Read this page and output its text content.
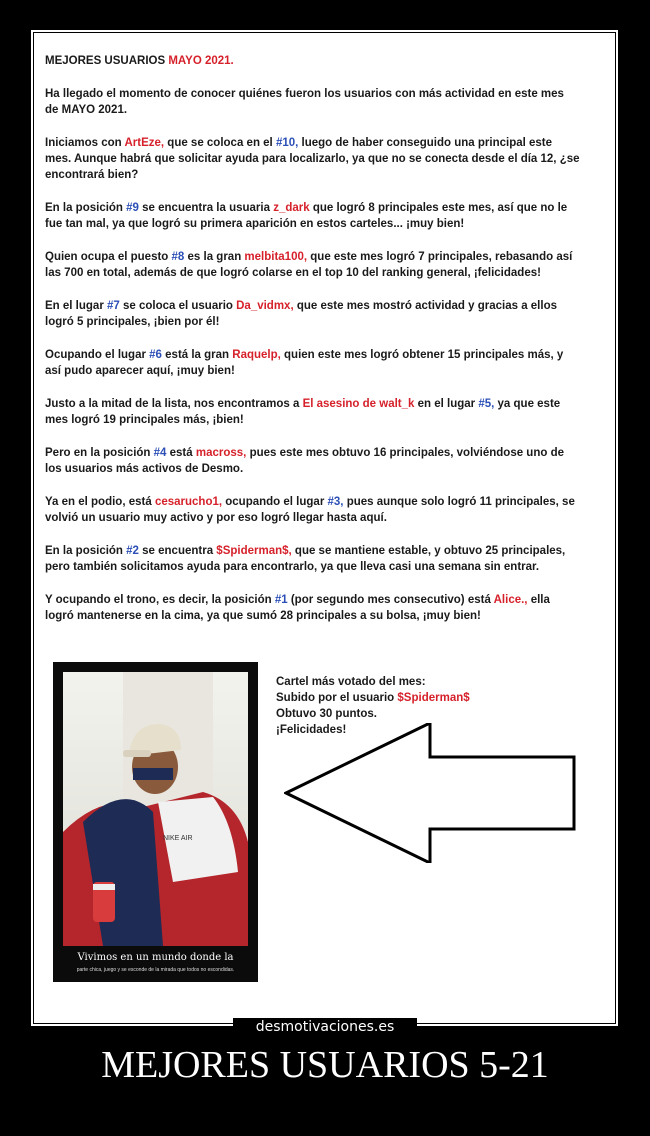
MEJORES USUARIOS MAYO 2021.

Ha llegado el momento de conocer quiénes fueron los usuarios con más actividad en este mes de MAYO 2021.

Iniciamos con ArtEze, que se coloca en el #10, luego de haber conseguido una principal este mes. Aunque habrá que solicitar ayuda para localizarlo, ya que no se conecta desde el día 12, ¿se encontrará bien?

En la posición #9 se encuentra la usuaria z_dark que logró 8 principales este mes, así que no le fue tan mal, ya que logró su primera aparición en estos carteles... ¡muy bien!

Quien ocupa el puesto #8 es la gran melbita100, que este mes logró 7 principales, rebasando así las 700 en total, además de que logró colarse en el top 10 del ranking general, ¡felicidades!

En el lugar #7 se coloca el usuario Da_vidmx, que este mes mostró actividad y gracias a ellos logró 5 principales, ¡bien por él!

Ocupando el lugar #6 está la gran Raquelp, quien este mes logró obtener 15 principales más, y así pudo aparecer aquí, ¡muy bien!

Justo a la mitad de la lista, nos encontramos a El asesino de walt_k en el lugar #5, ya que este mes logró 19 principales más, ¡bien!

Pero en la posición #4 está macross, pues este mes obtuvo 16 principales, volviéndose uno de los usuarios más activos de Desmo.

Ya en el podio, está cesarucho1, ocupando el lugar #3, pues aunque solo logró 11 principales, se volvió un usuario muy activo y por eso logró llegar hasta aquí.

En la posición #2 se encuentra $Spiderman$, que se mantiene estable, y obtuvo 25 principales, pero también solicitamos ayuda para encontrarlo, ya que lleva casi una semana sin entrar.

Y ocupando el trono, es decir, la posición #1 (por segundo mes consecutivo) está Alice., ella logró mantenerse en la cima, ya que sumó 28 principales a su bolsa, ¡muy bien!

NIKE AIR
Vivimos en un mundo donde la
parte chica, juego y se esconde de la mirada que todos no escondidas.
Cartel más votado del mes:
Subido por el usuario $Spiderman$
Obtuvo 30 puntos.
¡Felicidades!
desmotivaciones.es
MEJORES USUARIOS 5-21
